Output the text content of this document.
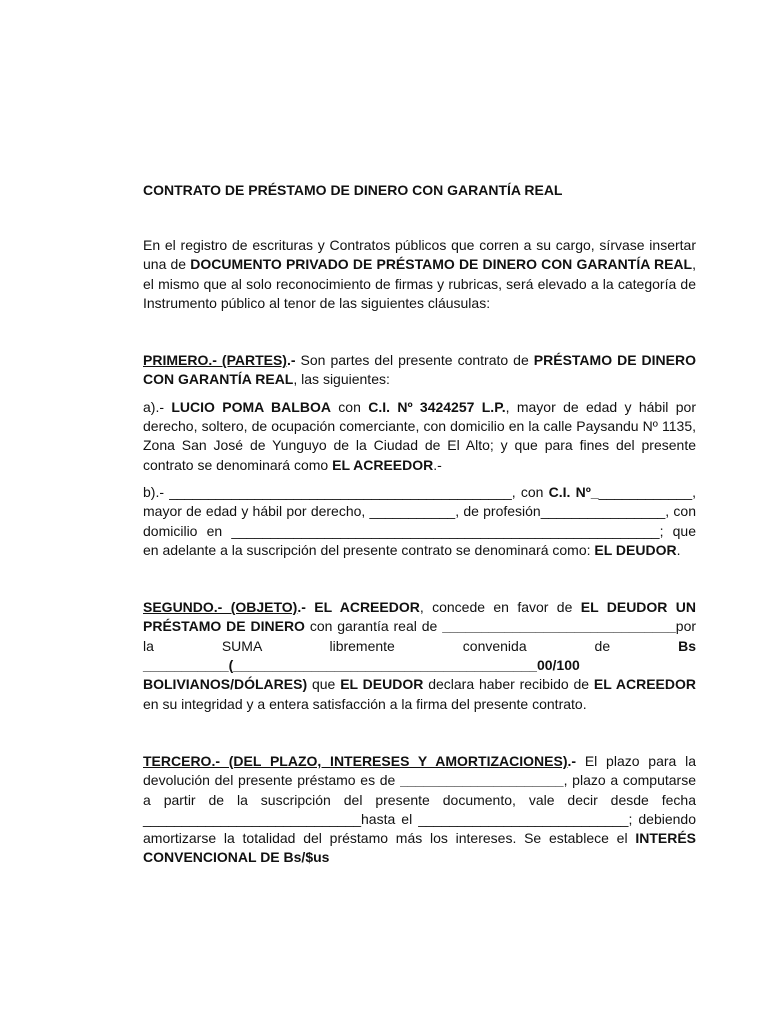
CONTRATO DE PRÉSTAMO DE DINERO CON GARANTÍA REAL

En el registro de escrituras y Contratos públicos que corren a su cargo, sírvase insertar una de DOCUMENTO PRIVADO DE PRÉSTAMO DE DINERO CON GARANTÍA REAL, el mismo que al solo reconocimiento de firmas y rubricas, será elevado a la categoría de Instrumento público al tenor de las siguientes cláusulas:

PRIMERO.- (PARTES).- Son partes del presente contrato de PRÉSTAMO DE DINERO CON GARANTÍA REAL, las siguientes:

a).- LUCIO POMA BALBOA con C.I. Nº 3424257 L.P., mayor de edad y hábil por derecho, soltero, de ocupación comerciante, con domicilio en la calle Paysandu Nº 1135, Zona San José de Yunguyo de la Ciudad de El Alto; y que para fines del presente contrato se denominará como EL ACREEDOR.-

b).- ____________________________________________, con C.I. Nº_____________, mayor de edad y hábil por derecho, ___________, de profesión________________, con domicilio en _______________________________________________________; que en adelante a la suscripción del presente contrato se denominará como: EL DEUDOR.

SEGUNDO.- (OBJETO).- EL ACREEDOR, concede en favor de EL DEUDOR UN PRÉSTAMO DE DINERO con garantía real de ______________________________por la SUMA libremente convenida de Bs ___________(_______________________________________00/100 BOLIVIANOS/DÓLARES) que EL DEUDOR declara haber recibido de EL ACREEDOR en su integridad y a entera satisfacción a la firma del presente contrato.

TERCERO.- (DEL PLAZO, INTERESES Y AMORTIZACIONES).- El plazo para la devolución del presente préstamo es de _____________________, plazo a computarse a partir de la suscripción del presente documento, vale decir desde fecha ____________________________hasta el ___________________________; debiendo amortizarse la totalidad del préstamo más los intereses. Se establece el INTERÉS CONVENCIONAL DE Bs/$us
